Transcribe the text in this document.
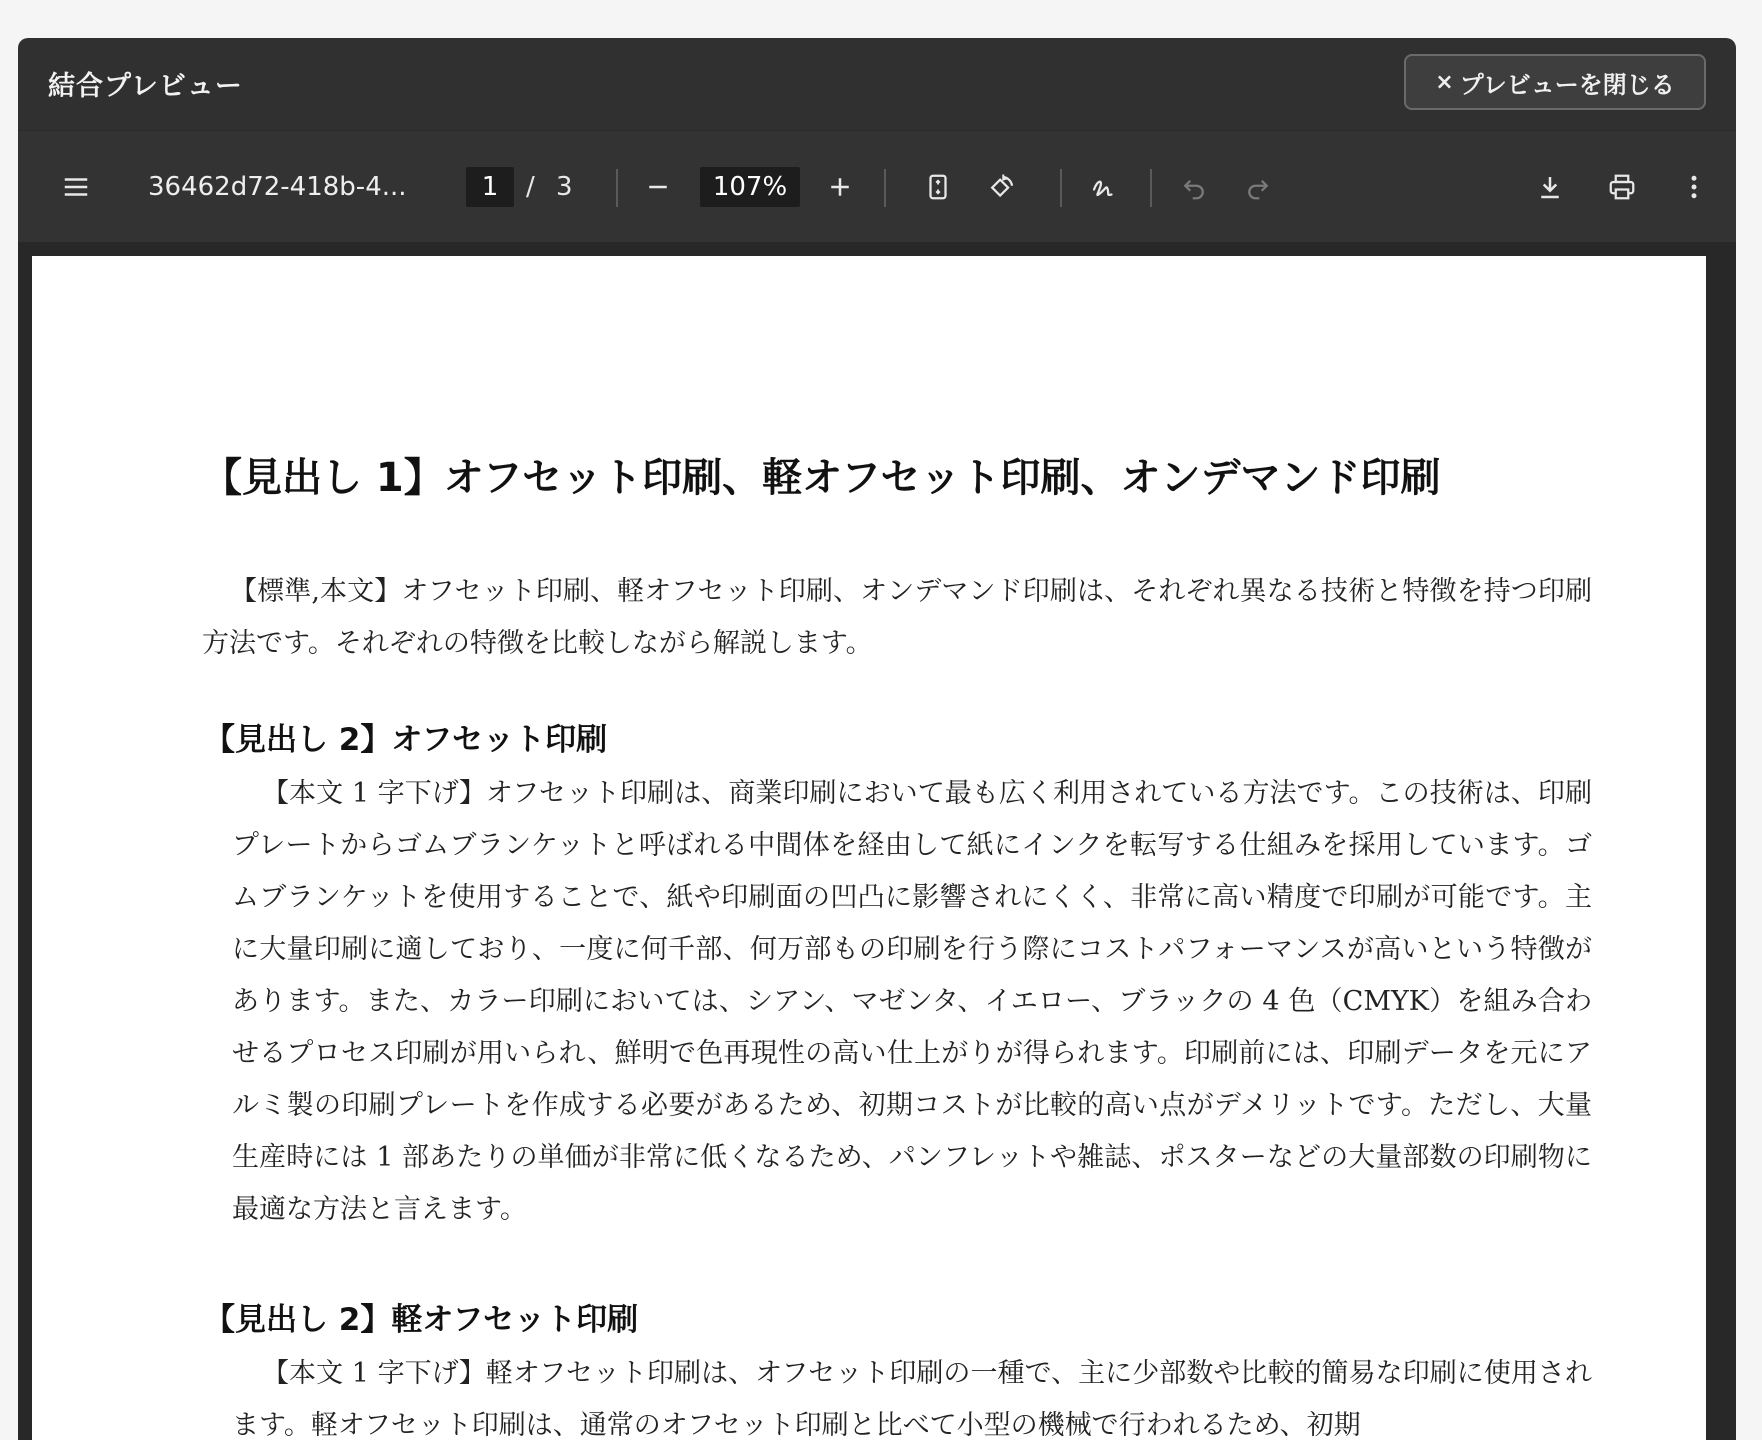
結合プレビュー	× プレビューを閉じる
36462d72-418b-4...	1	/ 3	107%
【見出し 1】オフセット印刷、軽オフセット印刷、オンデマンド印刷
【標準,本文】オフセット印刷、軽オフセット印刷、オンデマンド印刷は、それぞれ異なる技術と特徴を持つ印刷方法です。それぞれの特徴を比較しながら解説します。
【見出し 2】オフセット印刷
【本文 1 字下げ】オフセット印刷は、商業印刷において最も広く利用されている方法です。この技術は、印刷プレートからゴムブランケットと呼ばれる中間体を経由して紙にインクを転写する仕組みを採用しています。ゴムブランケットを使用することで、紙や印刷面の凹凸に影響されにくく、非常に高い精度で印刷が可能です。主に大量印刷に適しており、一度に何千部、何万部もの印刷を行う際にコストパフォーマンスが高いという特徴があります。また、カラー印刷においては、シアン、マゼンタ、イエロー、ブラックの 4 色（CMYK）を組み合わせるプロセス印刷が用いられ、鮮明で色再現性の高い仕上がりが得られます。印刷前には、印刷データを元にアルミ製の印刷プレートを作成する必要があるため、初期コストが比較的高い点がデメリットです。ただし、大量生産時には 1 部あたりの単価が非常に低くなるため、パンフレットや雑誌、ポスターなどの大量部数の印刷物に最適な方法と言えます。
【見出し 2】軽オフセット印刷
【本文 1 字下げ】軽オフセット印刷は、オフセット印刷の一種で、主に少部数や比較的簡易な印刷に使用されます。軽オフセット印刷は、通常のオフセット印刷と比べて小型の機械で行われるため、初期
